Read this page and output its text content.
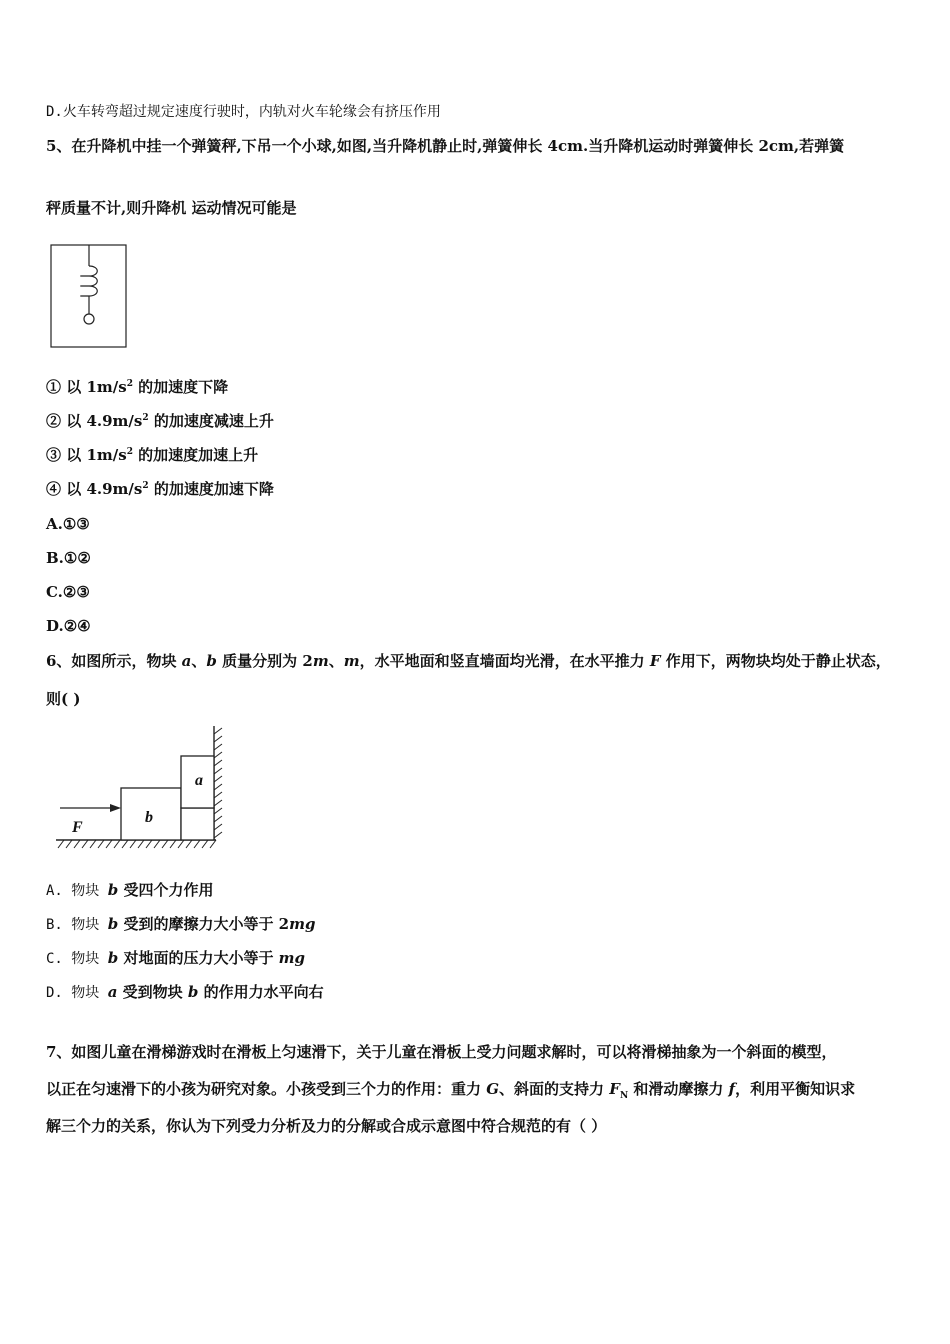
D.火车转弯超过规定速度行驶时，内轨对火车轮缘会有挤压作用
5、在升降机中挂一个弹簧秤,下吊一个小球,如图,当升降机静止时,弹簧伸长 4cm.当升降机运动时弹簧伸长 2cm,若弹簧
秤质量不计,则升降机 运动情况可能是
① 以 $1m/s^2$ 的加速度下降
② 以 $4.9m/s^2$ 的加速度减速上升
③ 以 $1m/s^2$ 的加速度加速上升
④ 以 $4.9m/s^2$ 的加速度加速下降
A.①③
B.①②
C.②③
D.②④
6、如图所示，物块 a、b 质量分别为 2m、m，水平地面和竖直墙面均光滑，在水平推力 F 作用下，两物块均处于静止状态，
则( )
a
b
F
A. 物块 b 受四个力作用
B. 物块 b 受到的摩擦力大小等于 2mg
C. 物块 b 对地面的压力大小等于 mg
D. 物块 a 受到物块 b 的作用力水平向右
7、如图儿童在滑梯游戏时在滑板上匀速滑下，关于儿童在滑板上受力问题求解时，可以将滑梯抽象为一个斜面的模型，
以正在匀速滑下的小孩为研究对象。小孩受到三个力的作用：重力 G、斜面的支持力 $F_N$ 和滑动摩擦力 f，利用平衡知识求
解三个力的关系，你认为下列受力分析及力的分解或合成示意图中符合规范的有（ ）
